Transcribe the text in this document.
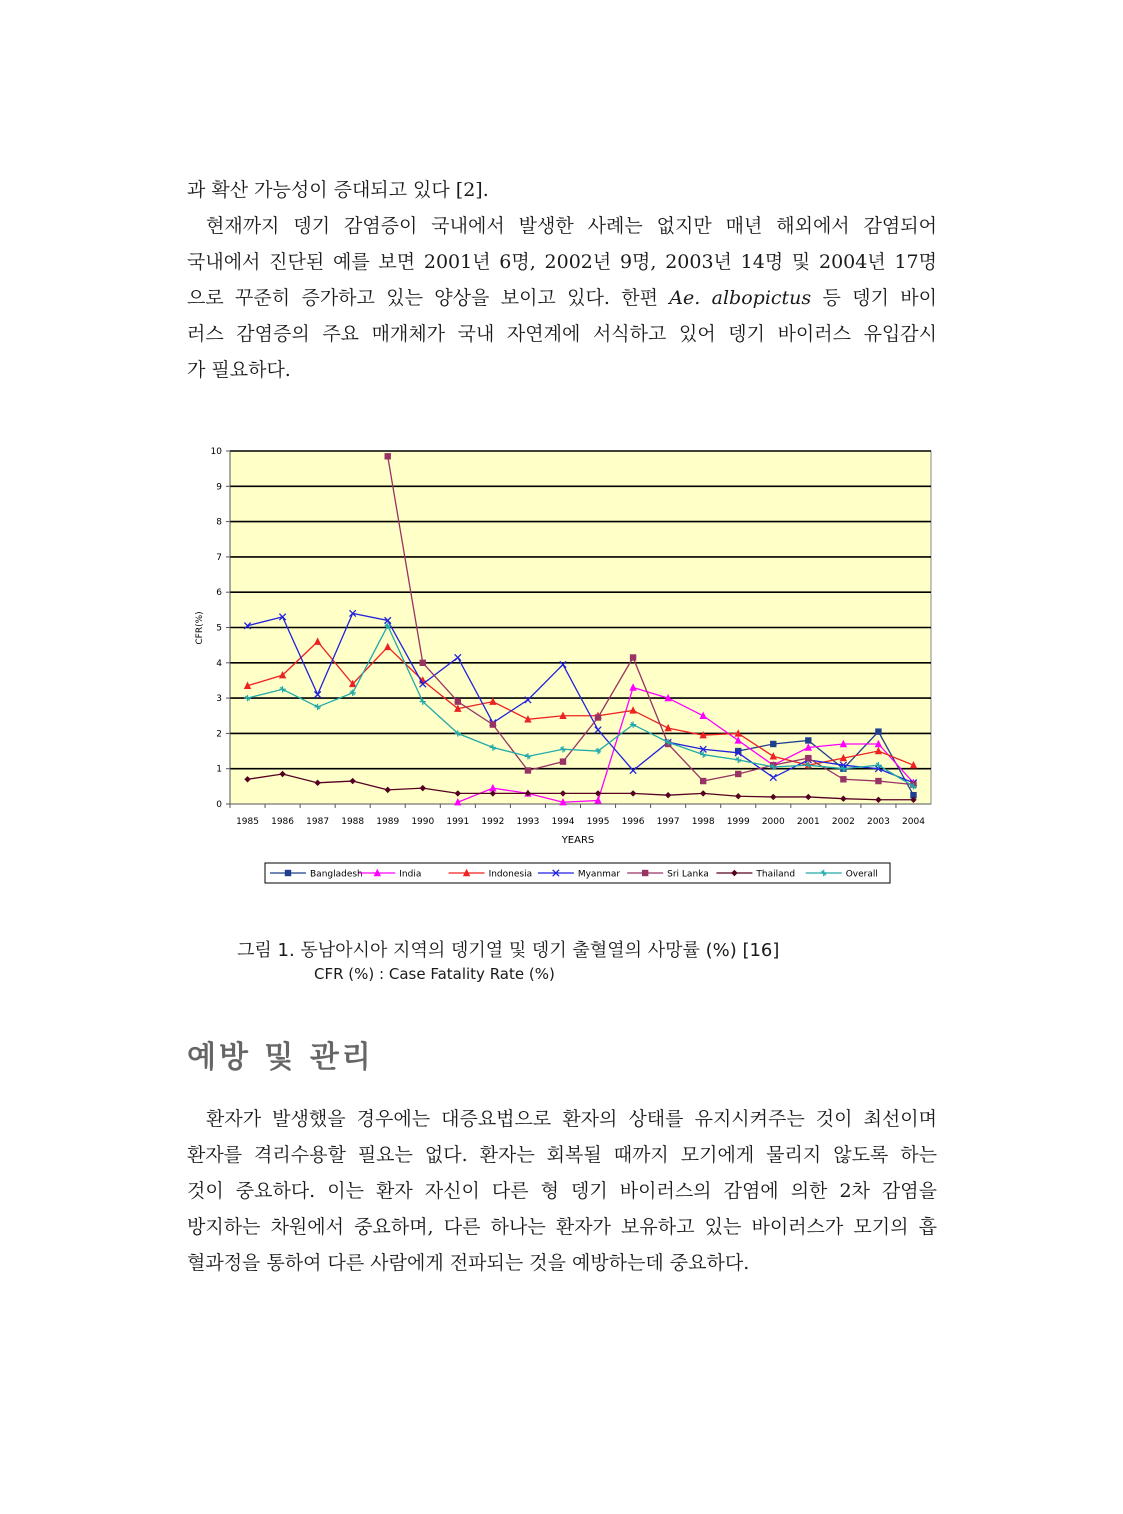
과 확산 가능성이 증대되고 있다 [2].
현재까지 뎅기 감염증이 국내에서 발생한 사례는 없지만 매년 해외에서 감염되어
국내에서 진단된 예를 보면 2001년 6명, 2002년 9명, 2003년 14명 및 2004년 17명
으로 꾸준히 증가하고 있는 양상을 보이고 있다. 한편 Ae. albopictus 등 뎅기 바이
러스 감염증의 주요 매개체가 국내 자연계에 서식하고 있어 뎅기 바이러스 유입감시
가 필요하다.
0
1
2
3
4
5
6
7
8
9
10
1985 1986 1987 1988 1989 1990 1991 1992 1993 1994 1995 1996 1997 1998 1999 2000 2001 2002 2003 2004
CFR(%)
YEARS
Bangladesh	India	Indonesia	Myanmar	Sri Lanka	Thailand	Overall
그림 1. 동남아시아 지역의 뎅기열 및 뎅기 출혈열의 사망률 (%) [16]
CFR (%) : Case Fatality Rate (%)
예방 및 관리
환자가 발생했을 경우에는 대증요법으로 환자의 상태를 유지시켜주는 것이 최선이며
환자를 격리수용할 필요는 없다. 환자는 회복될 때까지 모기에게 물리지 않도록 하는
것이 중요하다. 이는 환자 자신이 다른 형 뎅기 바이러스의 감염에 의한 2차 감염을
방지하는 차원에서 중요하며, 다른 하나는 환자가 보유하고 있는 바이러스가 모기의 흡
혈과정을 통하여 다른 사람에게 전파되는 것을 예방하는데 중요하다.
